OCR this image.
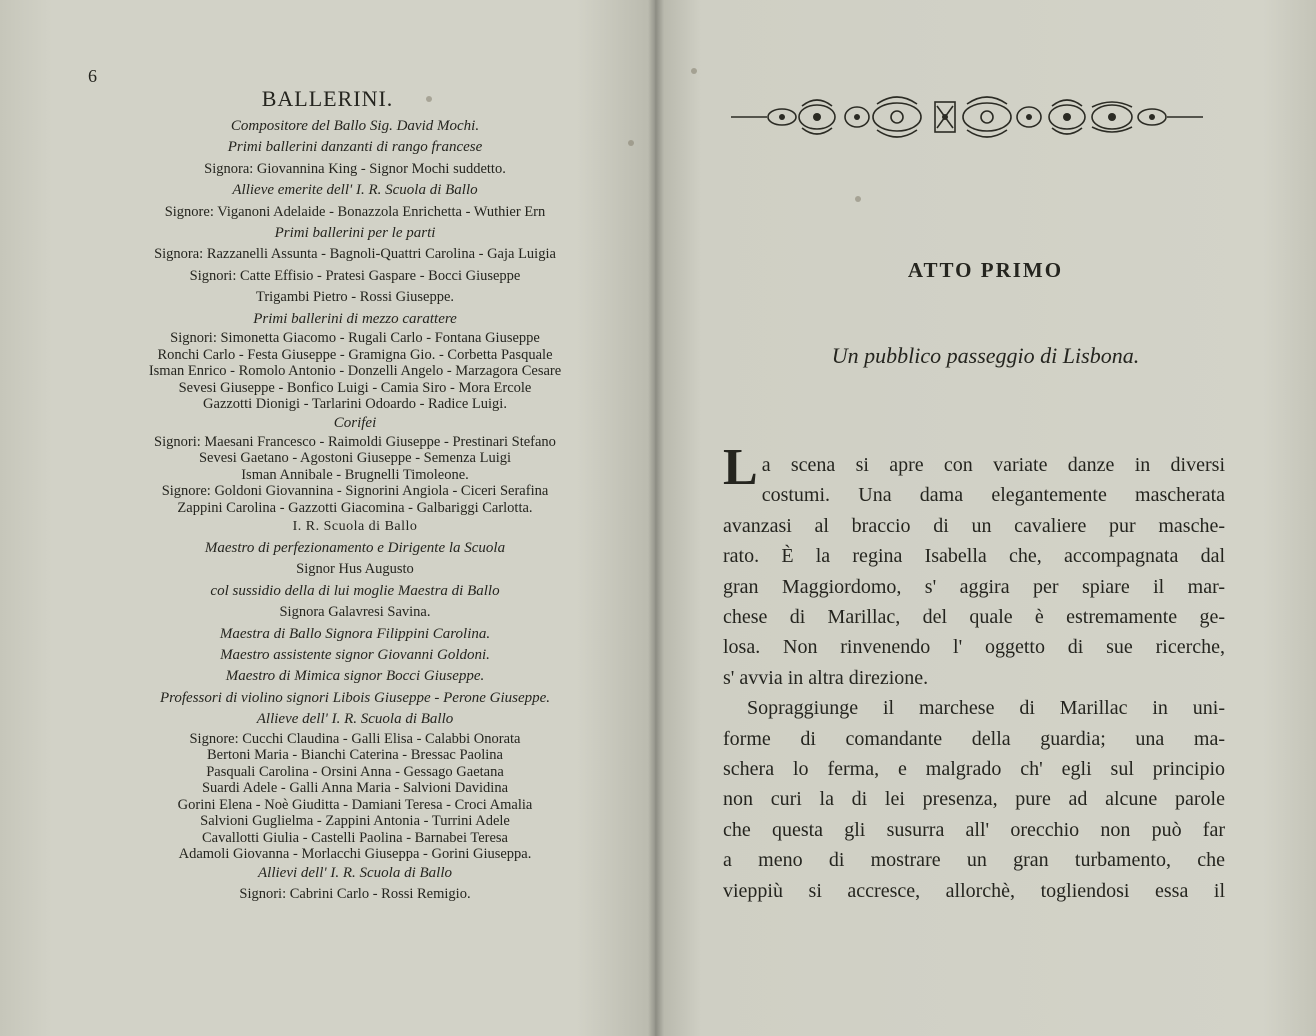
6
BALLERINI.
Compositore del Ballo Sig. David Mochi.
Primi ballerini danzanti di rango francese
Signora: Giovannina King - Signor Mochi suddetto.
Allieve emerite dell' I. R. Scuola di Ballo
Signore: Viganoni Adelaide - Bonazzola Enrichetta - Wuthier Ern
Primi ballerini per le parti
Signora: Razzanelli Assunta - Bagnoli-Quattri Carolina - Gaja Luigia
Signori: Catte Effisio - Pratesi Gaspare - Bocci Giuseppe
Trigambi Pietro - Rossi Giuseppe.
Primi ballerini di mezzo carattere
Signori: Simonetta Giacomo - Rugali Carlo - Fontana Giuseppe
Ronchi Carlo - Festa Giuseppe - Gramigna Gio. - Corbetta Pasquale
Isman Enrico - Romolo Antonio - Donzelli Angelo - Marzagora Cesare
Sevesi Giuseppe - Bonfico Luigi - Camia Siro - Mora Ercole
Gazzotti Dionigi - Tarlarini Odoardo - Radice Luigi.
Corifei
Signori: Maesani Francesco - Raimoldi Giuseppe - Prestinari Stefano
Sevesi Gaetano - Agostoni Giuseppe - Semenza Luigi
Isman Annibale - Brugnelli Timoleone.
Signore: Goldoni Giovannina - Signorini Angiola - Ciceri Serafina
Zappini Carolina - Gazzotti Giacomina - Galbariggi Carlotta.
I. R. Scuola di Ballo
Maestro di perfezionamento e Dirigente la Scuola
Signor Hus Augusto
col sussidio della di lui moglie Maestra di Ballo
Signora Galavresi Savina.
Maestra di Ballo Signora Filippini Carolina.
Maestro assistente signor Giovanni Goldoni.
Maestro di Mimica signor Bocci Giuseppe.
Professori di violino signori Libois Giuseppe - Perone Giuseppe.
Allieve dell' I. R. Scuola di Ballo
Signore: Cucchi Claudina - Galli Elisa - Calabbi Onorata
Bertoni Maria - Bianchi Caterina - Bressac Paolina
Pasquali Carolina - Orsini Anna - Gessago Gaetana
Suardi Adele - Galli Anna Maria - Salvioni Davidina
Gorini Elena - Noè Giuditta - Damiani Teresa - Croci Amalia
Salvioni Guglielma - Zappini Antonia - Turrini Adele
Cavallotti Giulia - Castelli Paolina - Barnabei Teresa
Adamoli Giovanna - Morlacchi Giuseppa - Gorini Giuseppa.
Allievi dell' I. R. Scuola di Ballo
Signori: Cabrini Carlo - Rossi Remigio.
ATTO PRIMO
Un pubblico passeggio di Lisbona.
L a scena si apre con variate danze in diversi

costumi. Una dama elegantemente mascherata

avanzasi al braccio di un cavaliere pur masche-

rato. È la regina Isabella che, accompagnata dal

gran Maggiordomo, s' aggira per spiare il mar-

chese di Marillac, del quale è estremamente ge-

losa. Non rinvenendo l' oggetto di sue ricerche,

s' avvia in altra direzione.

Sopraggiunge il marchese di Marillac in uni-

forme di comandante della guardia; una ma-

schera lo ferma, e malgrado ch' egli sul principio

non curi la di lei presenza, pure ad alcune parole

che questa gli susurra all' orecchio non può far

a meno di mostrare un gran turbamento, che

vieppiù si accresce, allorchè, togliendosi essa il
